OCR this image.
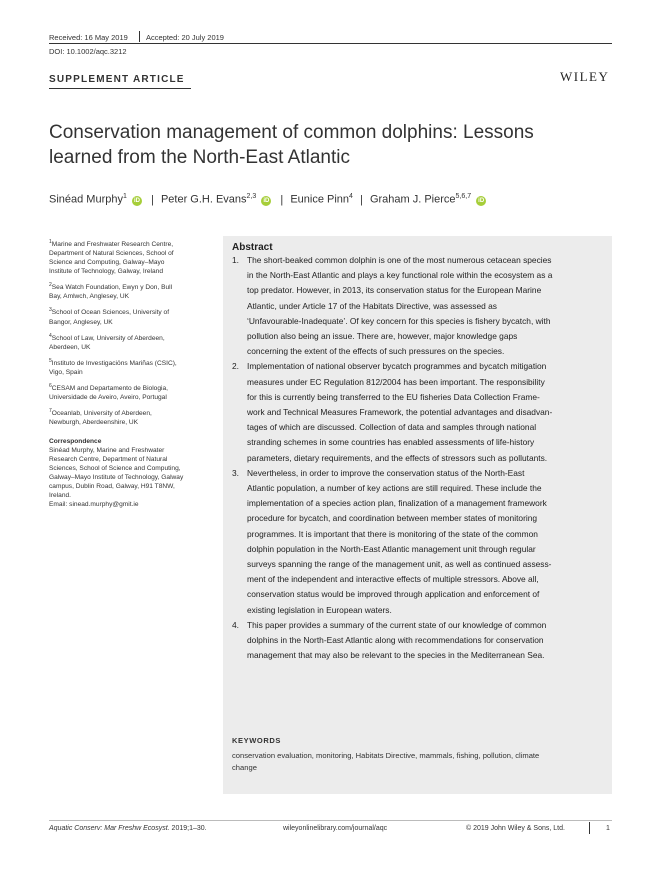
Received: 16 May 2019 Accepted: 20 July 2019
DOI: 10.1002/aqc.3212
SUPPLEMENT ARTICLE	WILEY
Conservation management of common dolphins: Lessons
learned from the North-East Atlantic
Sinéad Murphy$^1$ iD | Peter G.H. Evans$^{2,3}$ iD | Eunice Pinn$^4$ | Graham J. Pierce$^{5,6,7}$ iD

$^1$Marine and Freshwater Research Centre,
Department of Natural Sciences, School of
Science and Computing, Galway–Mayo
Institute of Technology, Galway, Ireland

$^2$Sea Watch Foundation, Ewyn y Don, Bull
Bay, Amlwch, Anglesey, UK

$^3$School of Ocean Sciences, University of
Bangor, Anglesey, UK

$^4$School of Law, University of Aberdeen,
Aberdeen, UK

$^5$Instituto de Investigaciόns Mariñas (CSIC),
Vigo, Spain

$^6$CESAM and Departamento de Biologia,
Universidade de Aveiro, Aveiro, Portugal

$^7$Oceanlab, University of Aberdeen,
Newburgh, Aberdeenshire, UK

Correspondence
Sinéad Murphy, Marine and Freshwater
Research Centre, Department of Natural
Sciences, School of Science and Computing,
Galway–Mayo Institute of Technology, Galway
campus, Dublin Road, Galway, H91 T8NW,
Ireland.
Email: sinead.murphy@gmit.ie
Abstract
1. The short-beaked common dolphin is one of the most numerous cetacean species
in the North-East Atlantic and plays a key functional role within the ecosystem as a
top predator. However, in 2013, its conservation status for the European Marine
Atlantic, under Article 17 of the Habitats Directive, was assessed as
‘Unfavourable-Inadequate’. Of key concern for this species is fishery bycatch, with
pollution also being an issue. There are, however, major knowledge gaps
concerning the extent of the effects of such pressures on the species.
2. Implementation of national observer bycatch programmes and bycatch mitigation
measures under EC Regulation 812/2004 has been important. The responsibility
for this is currently being transferred to the EU fisheries Data Collection Frame-
work and Technical Measures Framework, the potential advantages and disadvan-
tages of which are discussed. Collection of data and samples through national
stranding schemes in some countries has enabled assessments of life-history
parameters, dietary requirements, and the effects of stressors such as pollutants.
3. Nevertheless, in order to improve the conservation status of the North-East
Atlantic population, a number of key actions are still required. These include the
implementation of a species action plan, finalization of a management framework
procedure for bycatch, and coordination between member states of monitoring
programmes. It is important that there is monitoring of the state of the common
dolphin population in the North-East Atlantic management unit through regular
surveys spanning the range of the management unit, as well as continued assess-
ment of the independent and interactive effects of multiple stressors. Above all,
conservation status would be improved through application and enforcement of
existing legislation in European waters.
4. This paper provides a summary of the current state of our knowledge of common
dolphins in the North-East Atlantic along with recommendations for conservation
management that may also be relevant to the species in the Mediterranean Sea.
KEYWORDS
conservation evaluation, monitoring, Habitats Directive, mammals, fishing, pollution, climate
change
Aquatic Conserv: Mar Freshw Ecosyst. 2019;1–30.	wileyonlinelibrary.com/journal/aqc	© 2019 John Wiley & Sons, Ltd.	1
